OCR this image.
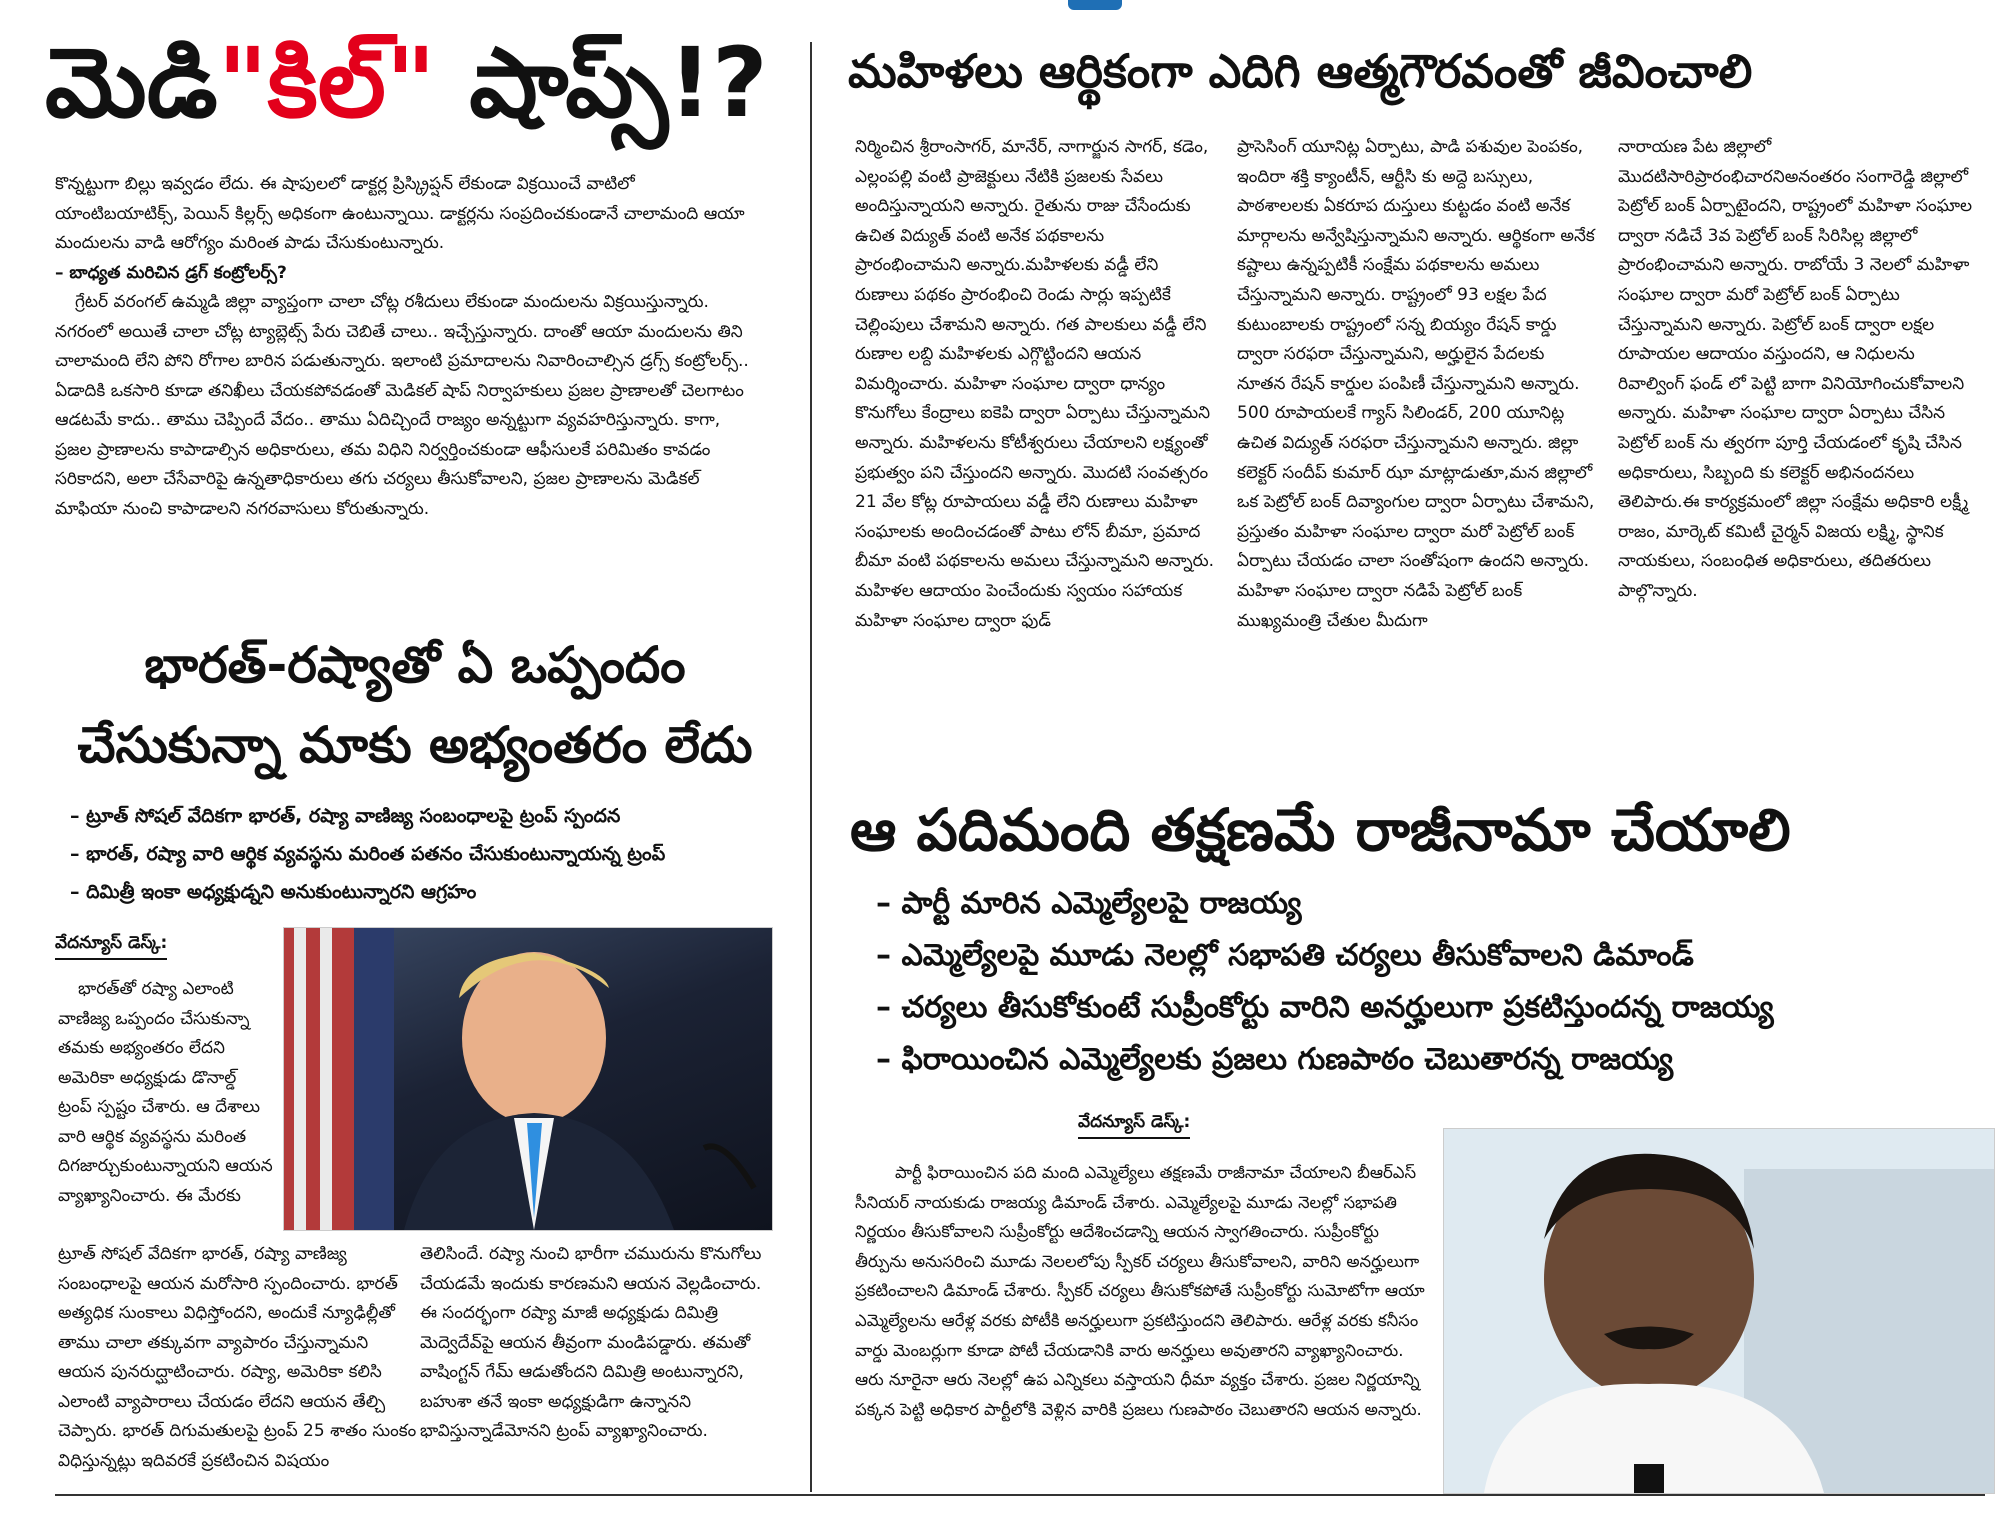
మెడి"కిల్" షాప్స్!?
కొన్నట్టుగా బిల్లు ఇవ్వడం లేదు. ఈ షాపులలో డాక్టర్ల ప్రిస్క్రిప్షన్ లేకుండా విక్రయించే వాటిలో యాంటిబయాటిక్స్, పెయిన్ కిల్లర్స్ అధికంగా ఉంటున్నాయి. డాక్టర్లను సంప్రదించకుండానే చాలామంది ఆయా మందులను వాడి ఆరోగ్యం మరింత పాడు చేసుకుంటున్నారు.
– బాధ్యత మరిచిన డ్రగ్ కంట్రోలర్స్?
గ్రేటర్ వరంగల్ ఉమ్మడి జిల్లా వ్యాప్తంగా చాలా చోట్ల రశీదులు లేకుండా మందులను విక్రయిస్తున్నారు. నగరంలో అయితే చాలా చోట్ల ట్యాబ్లెట్స్ పేరు చెబితే చాలు.. ఇచ్చేస్తున్నారు. దాంతో ఆయా మందులను తిని చాలామంది లేని పోని రోగాల బారిన పడుతున్నారు. ఇలాంటి ప్రమాదాలను నివారించాల్సిన డ్రగ్స్ కంట్రోలర్స్.. ఏడాదికి ఒకసారి కూడా తనిఖీలు చేయకపోవడంతో మెడికల్ షాప్ నిర్వాహకులు ప్రజల ప్రాణాలతో చెలగాటం ఆడటమే కాదు.. తాము చెప్పిందే వేదం.. తాము ఏదిచ్చిందే రాజ్యం అన్నట్టుగా వ్యవహరిస్తున్నారు. కాగా, ప్రజల ప్రాణాలను కాపాడాల్సిన అధికారులు, తమ విధిని నిర్వర్తించకుండా ఆఫీసులకే పరిమితం కావడం సరికాదని, అలా చేసేవారిపై ఉన్నతాధికారులు తగు చర్యలు తీసుకోవాలని, ప్రజల ప్రాణాలను మెడికల్ మాఫియా నుంచి కాపాడాలని నగరవాసులు కోరుతున్నారు.
భారత్-రష్యాతో ఏ ఒప్పందం
చేసుకున్నా మాకు అభ్యంతరం లేదు
– ట్రూత్ సోషల్ వేదికగా భారత్, రష్యా వాణిజ్య సంబంధాలపై ట్రంప్ స్పందన
– భారత్, రష్యా వారి ఆర్థిక వ్యవస్థను మరింత పతనం చేసుకుంటున్నాయన్న ట్రంప్
– దిమిత్రీ ఇంకా అధ్యక్షుడ్నని అనుకుంటున్నారని ఆగ్రహం
వేదన్యూస్ డెస్క్:
భారత్‌తో రష్యా ఎలాంటి వాణిజ్య ఒప్పందం చేసుకున్నా తమకు అభ్యంతరం లేదని అమెరికా అధ్యక్షుడు డొనాల్డ్ ట్రంప్ స్పష్టం చేశారు. ఆ దేశాలు వారి ఆర్థిక వ్యవస్థను మరింత దిగజార్చుకుంటున్నాయని ఆయన వ్యాఖ్యానించారు. ఈ మేరకు
ట్రూత్ సోషల్ వేదికగా భారత్, రష్యా వాణిజ్య సంబంధాలపై ఆయన మరోసారి స్పందించారు. భారత్ అత్యధిక సుంకాలు విధిస్తోందని, అందుకే న్యూఢిల్లీతో తాము చాలా తక్కువగా వ్యాపారం చేస్తున్నామని ఆయన పునరుద్ఘాటించారు. రష్యా, అమెరికా కలిసి ఎలాంటి వ్యాపారాలు చేయడం లేదని ఆయన తేల్చి చెప్పారు. భారత్ దిగుమతులపై ట్రంప్ 25 శాతం సుంకం విధిస్తున్నట్లు ఇదివరకే ప్రకటించిన విషయం
తెలిసిందే. రష్యా నుంచి భారీగా చమురును కొనుగోలు చేయడమే ఇందుకు కారణమని ఆయన వెల్లడించారు. ఈ సందర్భంగా రష్యా మాజీ అధ్యక్షుడు దిమిత్రి మెద్వెదేవ్‌పై ఆయన తీవ్రంగా మండిపడ్డారు. తమతో వాషింగ్టన్ గేమ్ ఆడుతోందని దిమిత్రి అంటున్నారని, బహుశా తనే ఇంకా అధ్యక్షుడిగా ఉన్నానని భావిస్తున్నాడేమోనని ట్రంప్ వ్యాఖ్యానించారు.
మహిళలు ఆర్థికంగా ఎదిగి ఆత్మగౌరవంతో జీవించాలి
నిర్మించిన శ్రీరాంసాగర్, మానేర్, నాగార్జున సాగర్, కడెం, ఎల్లంపల్లి వంటి ప్రాజెక్టులు నేటికి ప్రజలకు సేవలు అందిస్తున్నాయని అన్నారు. రైతును రాజు చేసేందుకు ఉచిత విద్యుత్ వంటి అనేక పథకాలను ప్రారంభించామని అన్నారు.మహిళలకు వడ్డీ లేని రుణాలు పథకం ప్రారంభించి రెండు సార్లు ఇప్పటికే చెల్లింపులు చేశామని అన్నారు. గత పాలకులు వడ్డీ లేని రుణాల లబ్ది మహిళలకు ఎగ్గొట్టిందని ఆయన విమర్శించారు. మహిళా సంఘాల ద్వారా ధాన్యం కొనుగోలు కేంద్రాలు ఐకెపి ద్వారా ఏర్పాటు చేస్తున్నామని అన్నారు. మహిళలను కోటీశ్వరులు చేయాలని లక్ష్యంతో ప్రభుత్వం పని చేస్తుందని అన్నారు. మొదటి సంవత్సరం 21 వేల కోట్ల రూపాయలు వడ్డీ లేని రుణాలు మహిళా సంఘాలకు అందించడంతో పాటు లోన్ బీమా, ప్రమాద బీమా వంటి పథకాలను అమలు చేస్తున్నామని అన్నారు. మహిళల ఆదాయం పెంచేందుకు స్వయం సహాయక మహిళా సంఘాల ద్వారా ఫుడ్
ప్రాసెసింగ్ యూనిట్ల ఏర్పాటు, పాడి పశువుల పెంపకం, ఇందిరా శక్తి క్యాంటీన్, ఆర్టీసి కు అద్దె బస్సులు, పాఠశాలలకు ఏకరూప దుస్తులు కుట్టడం వంటి అనేక మార్గాలను అన్వేషిస్తున్నామని అన్నారు. ఆర్థికంగా అనేక కష్టాలు ఉన్నప్పటికీ సంక్షేమ పథకాలను అమలు చేస్తున్నామని అన్నారు. రాష్ట్రంలో 93 లక్షల పేద కుటుంబాలకు రాష్ట్రంలో సన్న బియ్యం రేషన్ కార్డు ద్వారా సరఫరా చేస్తున్నామని, అర్హులైన పేదలకు నూతన రేషన్ కార్డుల పంపిణీ చేస్తున్నామని అన్నారు. 500 రూపాయలకే గ్యాస్ సిలిండర్, 200 యూనిట్ల ఉచిత విద్యుత్ సరఫరా చేస్తున్నామని అన్నారు. జిల్లా కలెక్టర్ సందీప్ కుమార్ ఝా మాట్లాడుతూ,మన జిల్లాలో ఒక పెట్రోల్ బంక్ దివ్యాంగుల ద్వారా ఏర్పాటు చేశామని, ప్రస్తుతం మహిళా సంఘాల ద్వారా మరో పెట్రోల్ బంక్ ఏర్పాటు చేయడం చాలా సంతోషంగా ఉందని అన్నారు. మహిళా సంఘాల ద్వారా నడిపే పెట్రోల్ బంక్ ముఖ్యమంత్రి చేతుల మీదుగా
నారాయణ పేట జిల్లాలో మొదటిసారిప్రారంభిచారనిఅనంతరం సంగారెడ్డి జిల్లాలో పెట్రోల్ బంక్ ఏర్పాటైందని, రాష్ట్రంలో మహిళా సంఘాల ద్వారా నడిచే 3వ పెట్రోల్ బంక్ సిరిసిల్ల జిల్లాలో ప్రారంభించామని అన్నారు. రాబోయే 3 నెలలో మహిళా సంఘాల ద్వారా మరో పెట్రోల్ బంక్ ఏర్పాటు చేస్తున్నామని అన్నారు. పెట్రోల్ బంక్ ద్వారా లక్షల రూపాయల ఆదాయం వస్తుందని, ఆ నిధులను రివాల్వింగ్ ఫండ్ లో పెట్టి బాగా వినియోగించుకోవాలని అన్నారు. మహిళా సంఘాల ద్వారా ఏర్పాటు చేసిన పెట్రోల్ బంక్ ను త్వరగా పూర్తి చేయడంలో కృషి చేసిన అధికారులు, సిబ్బంది కు కలెక్టర్ అభినందనలు తెలిపారు.ఈ కార్యక్రమంలో జిల్లా సంక్షేమ అధికారి లక్ష్మీ రాజం, మార్కెట్ కమిటీ చైర్మన్ విజయ లక్ష్మి, స్థానిక నాయకులు, సంబంధిత అధికారులు, తదితరులు పాల్గొన్నారు.
ఆ పదిమంది తక్షణమే రాజీనామా చేయాలి
– పార్టీ మారిన ఎమ్మెల్యేలపై రాజయ్య
– ఎమ్మెల్యేలపై మూడు నెలల్లో సభాపతి చర్యలు తీసుకోవాలని డిమాండ్
– చర్యలు తీసుకోకుంటే సుప్రీంకోర్టు వారిని అనర్హులుగా ప్రకటిస్తుందన్న రాజయ్య
– ఫిరాయించిన ఎమ్మెల్యేలకు ప్రజలు గుణపాఠం చెబుతారన్న రాజయ్య
వేదన్యూస్ డెస్క్:
పార్టీ ఫిరాయించిన పది మంది ఎమ్మెల్యేలు తక్షణమే రాజీనామా చేయాలని బీఆర్ఎస్ సీనియర్ నాయకుడు రాజయ్య డిమాండ్ చేశారు. ఎమ్మెల్యేలపై మూడు నెలల్లో సభాపతి నిర్ణయం తీసుకోవాలని సుప్రీంకోర్టు ఆదేశించడాన్ని ఆయన స్వాగతించారు. సుప్రీంకోర్టు తీర్పును అనుసరించి మూడు నెలలలోపు స్పీకర్ చర్యలు తీసుకోవాలని, వారిని అనర్హులుగా ప్రకటించాలని డిమాండ్ చేశారు. స్పీకర్ చర్యలు తీసుకోకపోతే సుప్రీంకోర్టు సుమోటోగా ఆయా ఎమ్మెల్యేలను ఆరేళ్ల వరకు పోటీకి అనర్హులుగా ప్రకటిస్తుందని తెలిపారు. ఆరేళ్ల వరకు కనీసం వార్డు మెంబర్లుగా కూడా పోటీ చేయడానికి వారు అనర్హులు అవుతారని వ్యాఖ్యానించారు. ఆరు నూరైనా ఆరు నెలల్లో ఉప ఎన్నికలు వస్తాయని ధీమా వ్యక్తం చేశారు. ప్రజల నిర్ణయాన్ని పక్కన పెట్టి అధికార పార్టీలోకి వెళ్లిన వారికి ప్రజలు గుణపాఠం చెబుతారని ఆయన అన్నారు.
